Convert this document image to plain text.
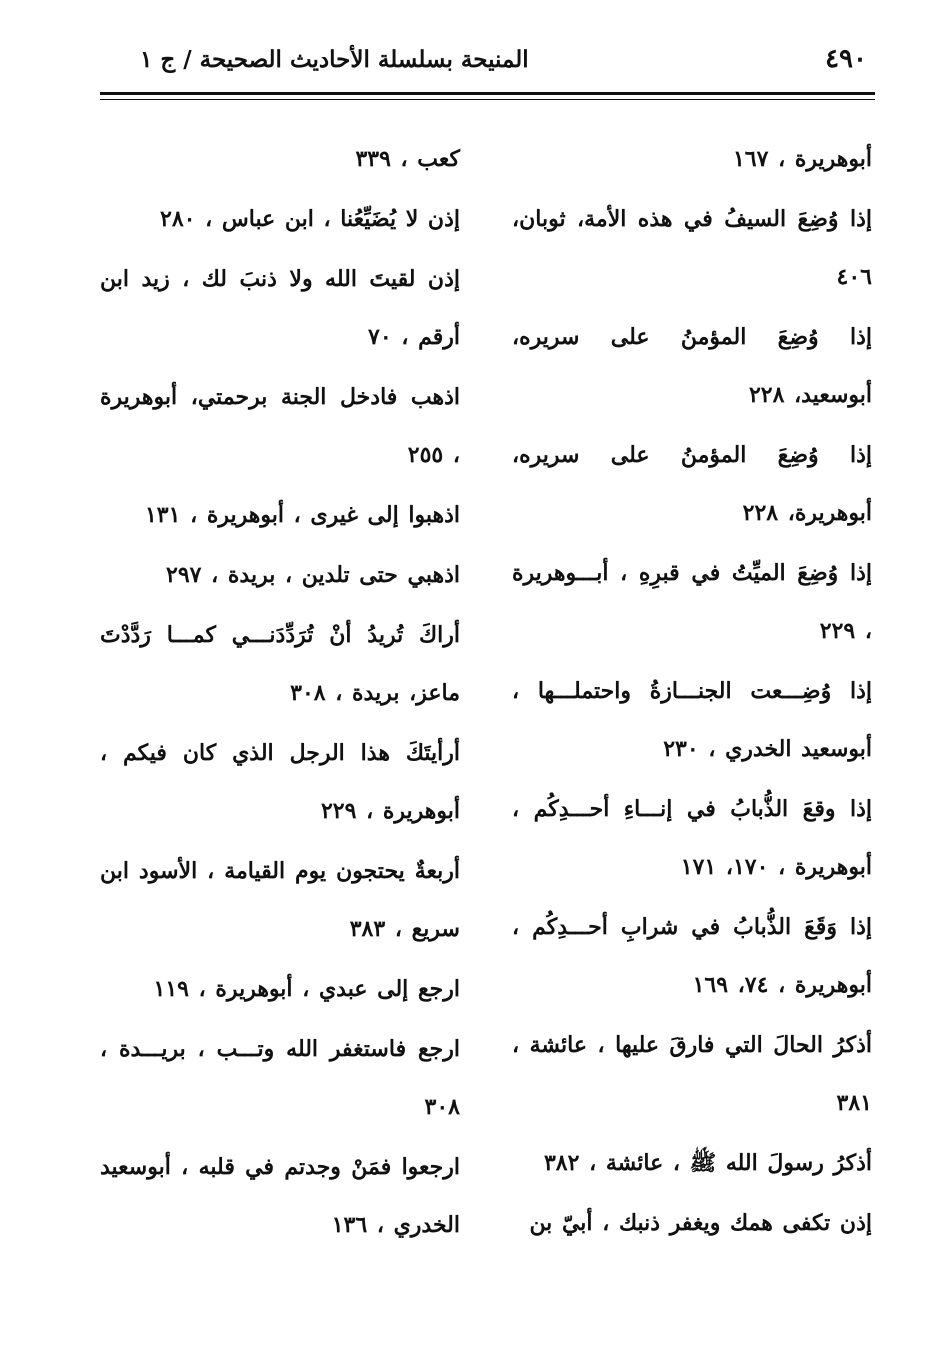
٤٩٠
المنيحة بسلسلة الأحاديث الصحيحة / ج ١

أبوهريرة ، ١٦٧

إذا وُضِعَ السيفُ في هذه الأمة، ثوبان، ٤٠٦

إذا وُضِعَ المؤمنُ على سريره، أبوسعيد، ٢٢٨

إذا وُضِعَ المؤمنُ على سريره، أبوهريرة، ٢٢٨

إذا وُضِعَ الميِّتُ في قبرِهِ ، أبـــوهريرة ، ٢٢٩

إذا وُضِـــعت الجنـــازةُ واحتملـــها ، أبوسعيد الخدري ، ٢٣٠

إذا وقعَ الذُّبابُ في إنـــاءِ أحـــدِكُم ، أبوهريرة ، ١٧٠، ١٧١

إذا وَقَعَ الذُّبابُ في شرابِ أحـــدِكُم ، أبوهريرة ، ٧٤، ١٦٩

أذكرُ الحالَ التي فارقَ عليها ، عائشة ، ٣٨١

أذكرُ رسولَ الله ﷺ ، عائشة ، ٣٨٢

إذن تكفى همك ويغفر ذنبك ، أبيّ بن

كعب ، ٣٣٩

إذن لا يُضَيِّعُنا ، ابن عباس ، ٢٨٠

إذن لقيتَ الله ولا ذنبَ لك ، زيد ابن أرقم ، ٧٠

اذهب فادخل الجنة برحمتي، أبوهريرة ، ٢٥٥

اذهبوا إلى غيرى ، أبوهريرة ، ١٣١

اذهبي حتى تلدين ، بريدة ، ٢٩٧

أراكَ تُريدُ أنْ تُرَدِّدَنـــي كمـــا رَدَّدْتَ ماعز، بريدة ، ٣٠٨

أرأيتَكَ هذا الرجل الذي كان فيكم ، أبوهريرة ، ٢٢٩

أربعةٌ يحتجون يوم القيامة ، الأسود ابن سريع ، ٣٨٣

ارجع إلى عبدي ، أبوهريرة ، ١١٩

ارجع فاستغفر الله وتـــب ، بريـــدة ، ٣٠٨

ارجعوا فمَنْ وجدتم في قلبه ، أبوسعيد الخدري ، ١٣٦
